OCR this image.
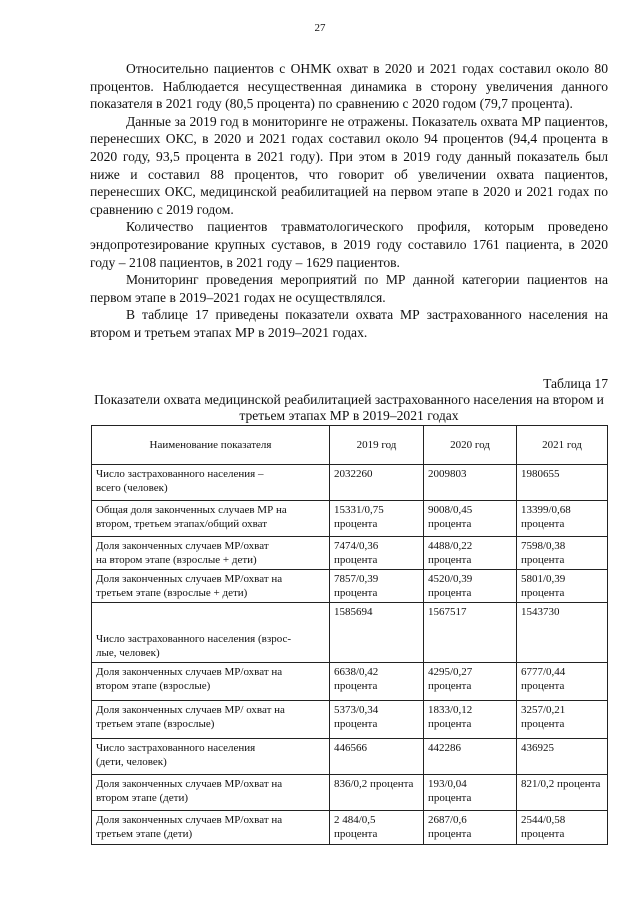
27

Относительно пациентов с ОНМК охват в 2020 и 2021 годах составил около 80 процентов. Наблюдается несущественная динамика в сторону увеличения данного показателя в 2021 году (80,5 процента) по сравнению с 2020 годом (79,7 процента).

Данные за 2019 год в мониторинге не отражены. Показатель охвата МР пациентов, перенесших ОКС, в 2020 и 2021 годах составил около 94 процентов (94,4 процента в 2020 году, 93,5 процента в 2021 году). При этом в 2019 году данный показатель был ниже и составил 88 процентов, что говорит об увеличении охвата пациентов, перенесших ОКС, медицинской реабилитацией на первом этапе в 2020 и 2021 годах по сравнению с 2019 годом.

Количество пациентов травматологического профиля, которым проведено эндопротезирование крупных суставов, в 2019 году составило 1761 пациента, в 2020 году – 2108 пациентов, в 2021 году – 1629 пациентов.

Мониторинг проведения мероприятий по МР данной категории пациентов на первом этапе в 2019–2021 годах не осуществлялся.

В таблице 17 приведены показатели охвата МР застрахованного населения на втором и третьем этапах МР в 2019–2021 годах.

Таблица 17
Показатели охвата медицинской реабилитацией застрахованного населения на втором и третьем этапах МР в 2019–2021 годах
Наименование показателя	2019 год	2020 год	2021 год

Число застрахованного населения –
всего (человек)	2032260	2009803	1980655

Общая доля законченных случаев МР на
втором, третьем этапах/общий охват	15331/0,75 процента	9008/0,45 процента	13399/0,68 процента

Доля законченных случаев МР/охват
на втором этапе (взрослые + дети)	7474/0,36 процента	4488/0,22 процента	7598/0,38 процента

Доля законченных случаев МР/охват на
третьем этапе (взрослые + дети)	7857/0,39 процента	4520/0,39 процента	5801/0,39 процента

Число застрахованного населения (взрос-
лые, человек)	1585694	1567517	1543730

Доля законченных случаев МР/охват на
втором этапе (взрослые)	6638/0,42 процента	4295/0,27 процента	6777/0,44 процента

Доля законченных случаев МР/ охват на
третьем этапе (взрослые)	5373/0,34 процента	1833/0,12 процента	3257/0,21 процента

Число застрахованного населения
(дети, человек)	446566	442286	436925

Доля законченных случаев МР/охват на
втором этапе (дети)	836/0,2 процента	193/0,04 процента	821/0,2 процента

Доля законченных случаев МР/охват на
третьем этапе (дети)	2 484/0,5 процента	2687/0,6 процента	2544/0,58 процента
